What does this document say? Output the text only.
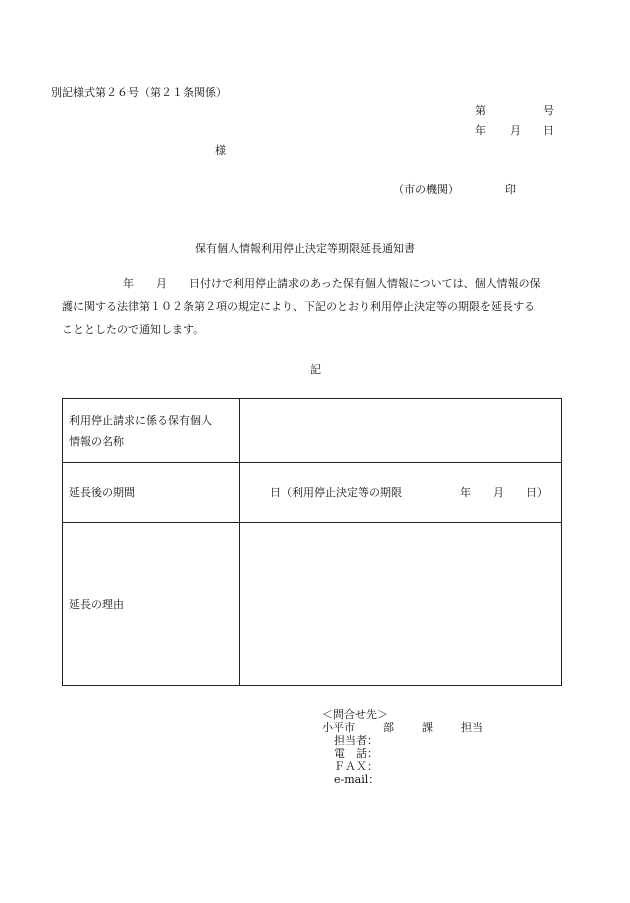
別記様式第２６号（第２１条関係）
第	号
年 月 日
様
（市の機関）	印
保有個人情報利用停止決定等期限延長通知書
年 月 日付けで利用停止請求のあった保有個人情報については、個人情報の保
護に関する法律第１０２条第２項の規定により、下記のとおり利用停止決定等の期限を延長する
こととしたので通知します。
記
利用停止請求に係る保有個人
情報の名称	

延長後の期間	日（利用停止決定等の期限 年 月 日）
延長の理由	
＜問合せ先＞
小平市	部	課	担当
担当者：
電　話：
ＦＡＸ：
e-mail：
